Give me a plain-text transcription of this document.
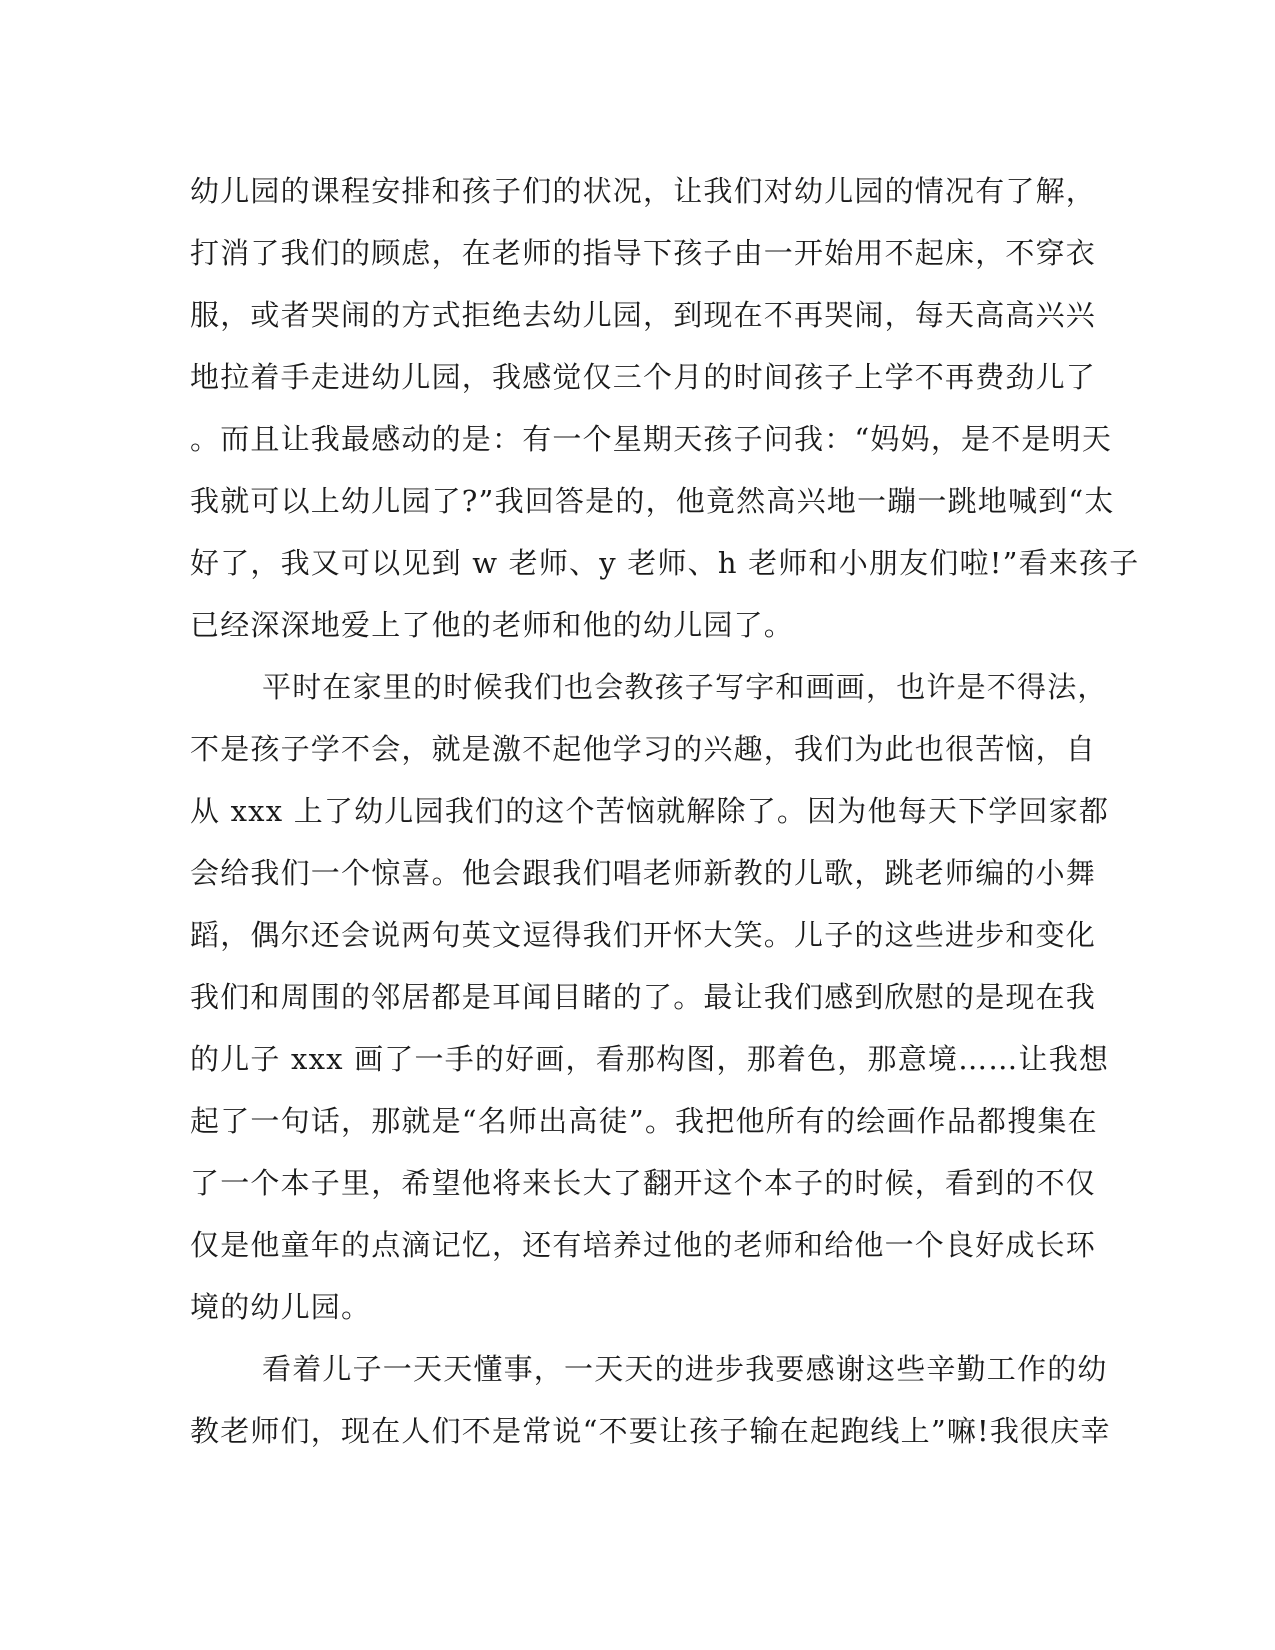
幼儿园的课程安排和孩子们的状况，让我们对幼儿园的情况有了解，
打消了我们的顾虑，在老师的指导下孩子由一开始用不起床，不穿衣
服，或者哭闹的方式拒绝去幼儿园，到现在不再哭闹，每天高高兴兴
地拉着手走进幼儿园，我感觉仅三个月的时间孩子上学不再费劲儿了
。而且让我最感动的是：有一个星期天孩子问我：“妈妈，是不是明天
我就可以上幼儿园了?”我回答是的，他竟然高兴地一蹦一跳地喊到“太
好了，我又可以见到 w 老师、y 老师、h 老师和小朋友们啦!”看来孩子
已经深深地爱上了他的老师和他的幼儿园了。
平时在家里的时候我们也会教孩子写字和画画，也许是不得法，
不是孩子学不会，就是激不起他学习的兴趣，我们为此也很苦恼，自
从 xxx 上了幼儿园我们的这个苦恼就解除了。因为他每天下学回家都
会给我们一个惊喜。他会跟我们唱老师新教的儿歌，跳老师编的小舞
蹈，偶尔还会说两句英文逗得我们开怀大笑。儿子的这些进步和变化
我们和周围的邻居都是耳闻目睹的了。最让我们感到欣慰的是现在我
的儿子 xxx 画了一手的好画，看那构图，那着色，那意境……让我想
起了一句话，那就是“名师出高徒”。我把他所有的绘画作品都搜集在
了一个本子里，希望他将来长大了翻开这个本子的时候，看到的不仅
仅是他童年的点滴记忆，还有培养过他的老师和给他一个良好成长环
境的幼儿园。
看着儿子一天天懂事，一天天的进步我要感谢这些辛勤工作的幼
教老师们，现在人们不是常说“不要让孩子输在起跑线上”嘛!我很庆幸
